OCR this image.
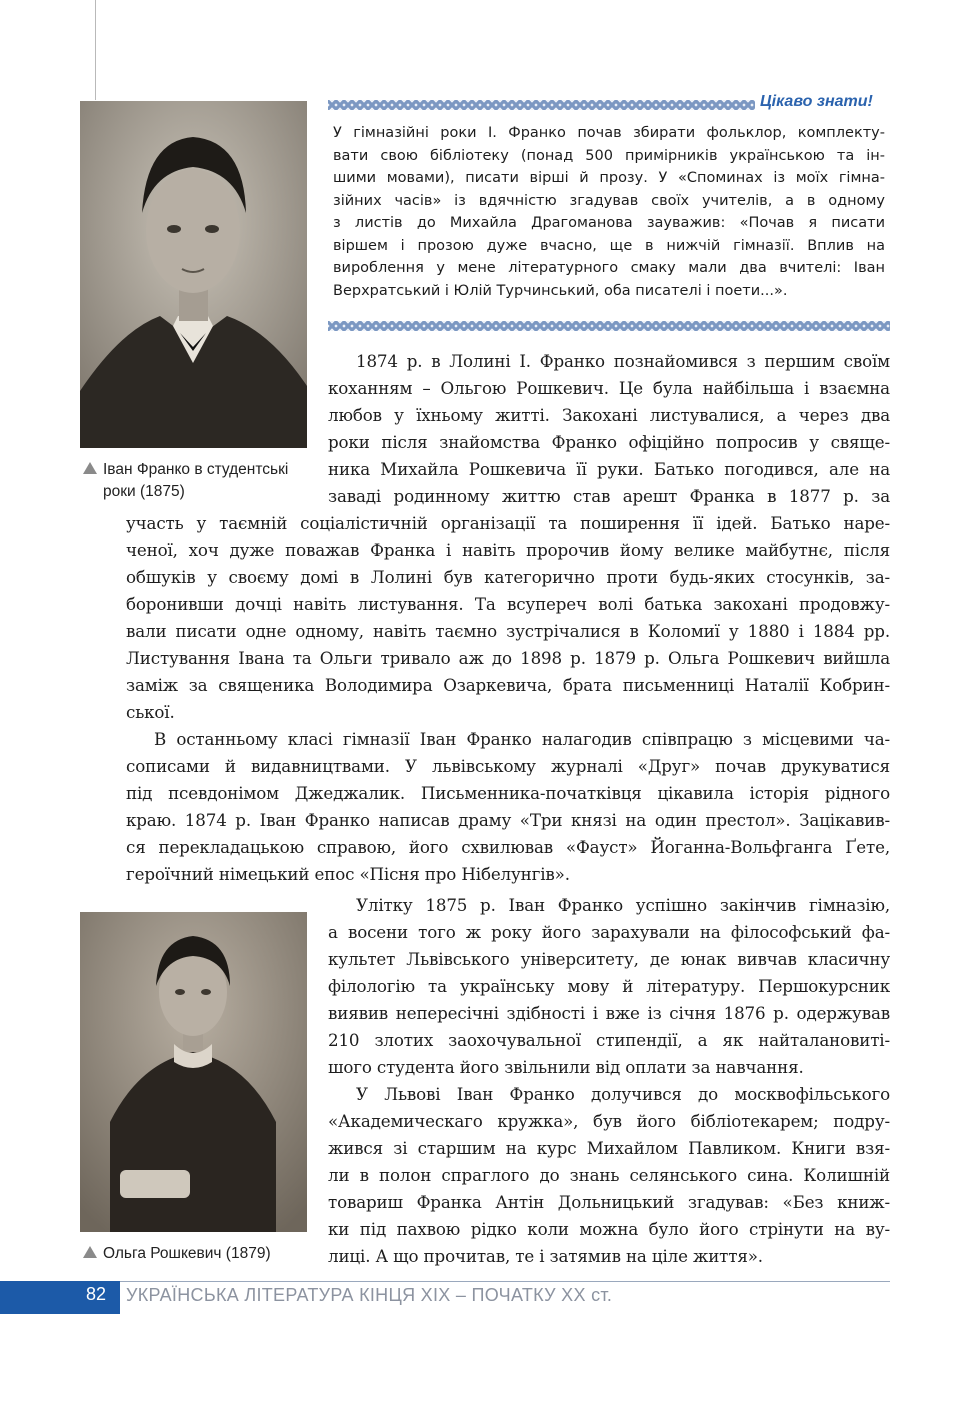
Іван Франко в студентські
роки (1875)
Цікаво знати!
У гімназійні роки І. Франко почав збирати фольклор, комплекту-
вати свою бібліотеку (понад 500 примірників українською та ін-
шими мовами), писати вірші й прозу. У «Споминах із моїх гімна-
зійних часів» із вдячністю згадував своїх учителів, а в одному
з листів до Михайла Драгоманова зауважив: «Почав я писати
віршем і прозою дуже вчасно, ще в нижчій гімназії. Вплив на
вироблення у мене літературного смаку мали два вчителі: Іван
Верхратський і Юлій Турчинський, оба писателі і поети...».
1874 р. в Лолині І. Франко познайомився з першим своїм
коханням – Ольгою Рошкевич. Це була найбільша і взаємна
любов у їхньому житті. Закохані листувалися, а через два
роки після знайомства Франко офіційно попросив у свяще-
ника Михайла Рошкевича її руки. Батько погодився, але на
заваді родинному життю став арешт Франка в 1877 р. за
участь у таємній соціалістичній організації та поширення її ідей. Батько наре-
ченої, хоч дуже поважав Франка і навіть пророчив йому велике майбутнє, після
обшуків у своєму домі в Лолині був категорично проти будь-яких стосунків, за-
боронивши дочці навіть листування. Та всупереч волі батька закохані продовжу-
вали писати одне одному, навіть таємно зустрічалися в Коломиї у 1880 і 1884 рр.
Листування Івана та Ольги тривало аж до 1898 р. 1879 р. Ольга Рошкевич вийшла
заміж за священика Володимира Озаркевича, брата письменниці Наталії Кобрин-
ської.
В останньому класі гімназії Іван Франко налагодив співпрацю з місцевими ча-
сописами й видавництвами. У львівському журналі «Друг» почав друкуватися
під псевдонімом Джеджалик. Письменника-початківця цікавила історія рідного
краю. 1874 р. Іван Франко написав драму «Три князі на один престол». Зацікавив-
ся перекладацькою справою, його схвилював «Фауст» Йоганна-Вольфганга Ґете,
героїчний німецький епос «Пісня про Нібелунгів».
Улітку 1875 р. Іван Франко успішно закінчив гімназію,
а восени того ж року його зарахували на філософський фа-
культет Львівського університету, де юнак вивчав класичну
філологію та українську мову й літературу. Першокурсник
виявив непересічні здібності і вже із січня 1876 р. одержував
210 злотих заохочувальної стипендії, а як найталановиті-
шого студента його звільнили від оплати за навчання.
У Львові Іван Франко долучився до москвофільського
«Академическаго кружка», був його бібліотекарем; подру-
жився зі старшим на курс Михайлом Павликом. Книги взя-
ли в полон спраглого до знань селянського сина. Колишній
товариш Франка Антін Дольницький згадував: «Без книж-
ки під пахвою рідко коли можна було його стрінути на ву-
лиці. А що прочитав, те і затямив на ціле життя».
Ольга Рошкевич (1879)
82 УКРАЇНСЬКА ЛІТЕРАТУРА КІНЦЯ ХІХ – ПОЧАТКУ ХХ ст.
